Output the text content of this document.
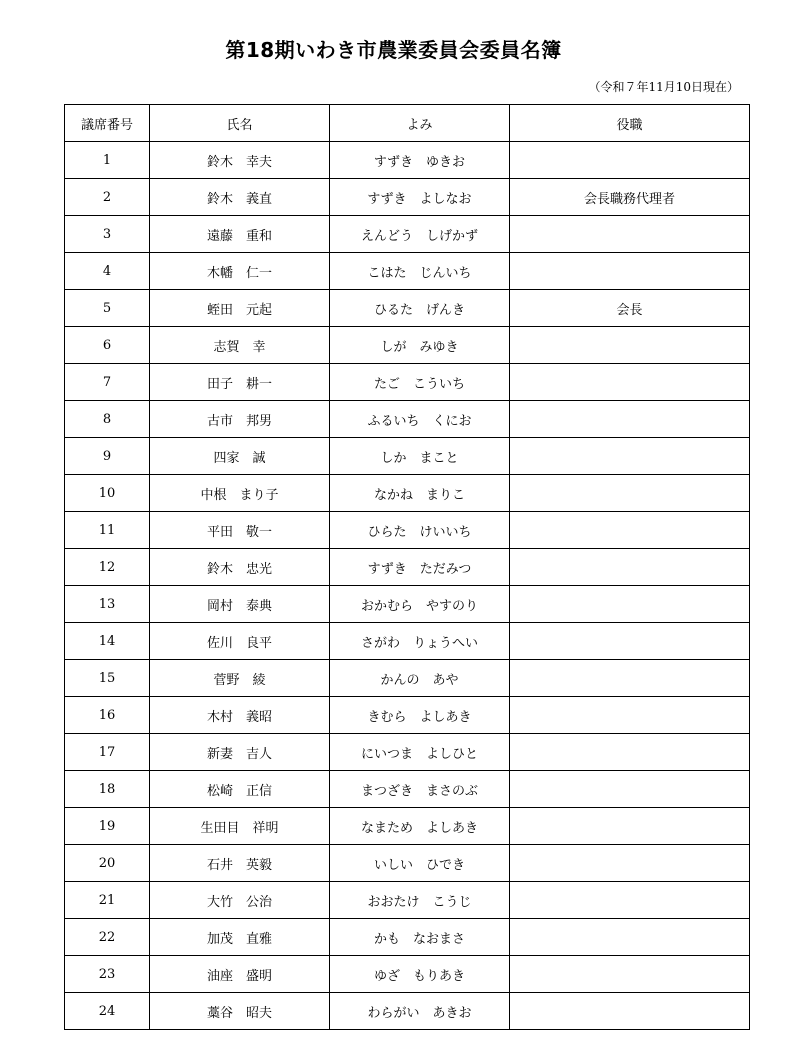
第18期いわき市農業委員会委員名簿
（令和７年11月10日現在）
議席番号	氏名	よみ	役職
1	鈴木　幸夫	すずき　ゆきお	
2	鈴木　義直	すずき　よしなお	会長職務代理者
3	遠藤　重和	えんどう　しげかず	
4	木幡　仁一	こはた　じんいち	
5	蛭田　元起	ひるた　げんき	会長
6	志賀　幸	しが　みゆき	
7	田子　耕一	たご　こういち	
8	古市　邦男	ふるいち　くにお	
9	四家　誠	しか　まこと	
10	中根　まり子	なかね　まりこ	
11	平田　敬一	ひらた　けいいち	
12	鈴木　忠光	すずき　ただみつ	
13	岡村　泰典	おかむら　やすのり	
14	佐川　良平	さがわ　りょうへい	
15	菅野　綾	かんの　あや	
16	木村　義昭	きむら　よしあき	
17	新妻　吉人	にいつま　よしひと	
18	松崎　正信	まつざき　まさのぶ	
19	生田目　祥明	なまため　よしあき	
20	石井　英毅	いしい　ひでき	
21	大竹　公治	おおたけ　こうじ	
22	加茂　直雅	かも　なおまさ	
23	油座　盛明	ゆざ　もりあき	
24	藁谷　昭夫	わらがい　あきお	
